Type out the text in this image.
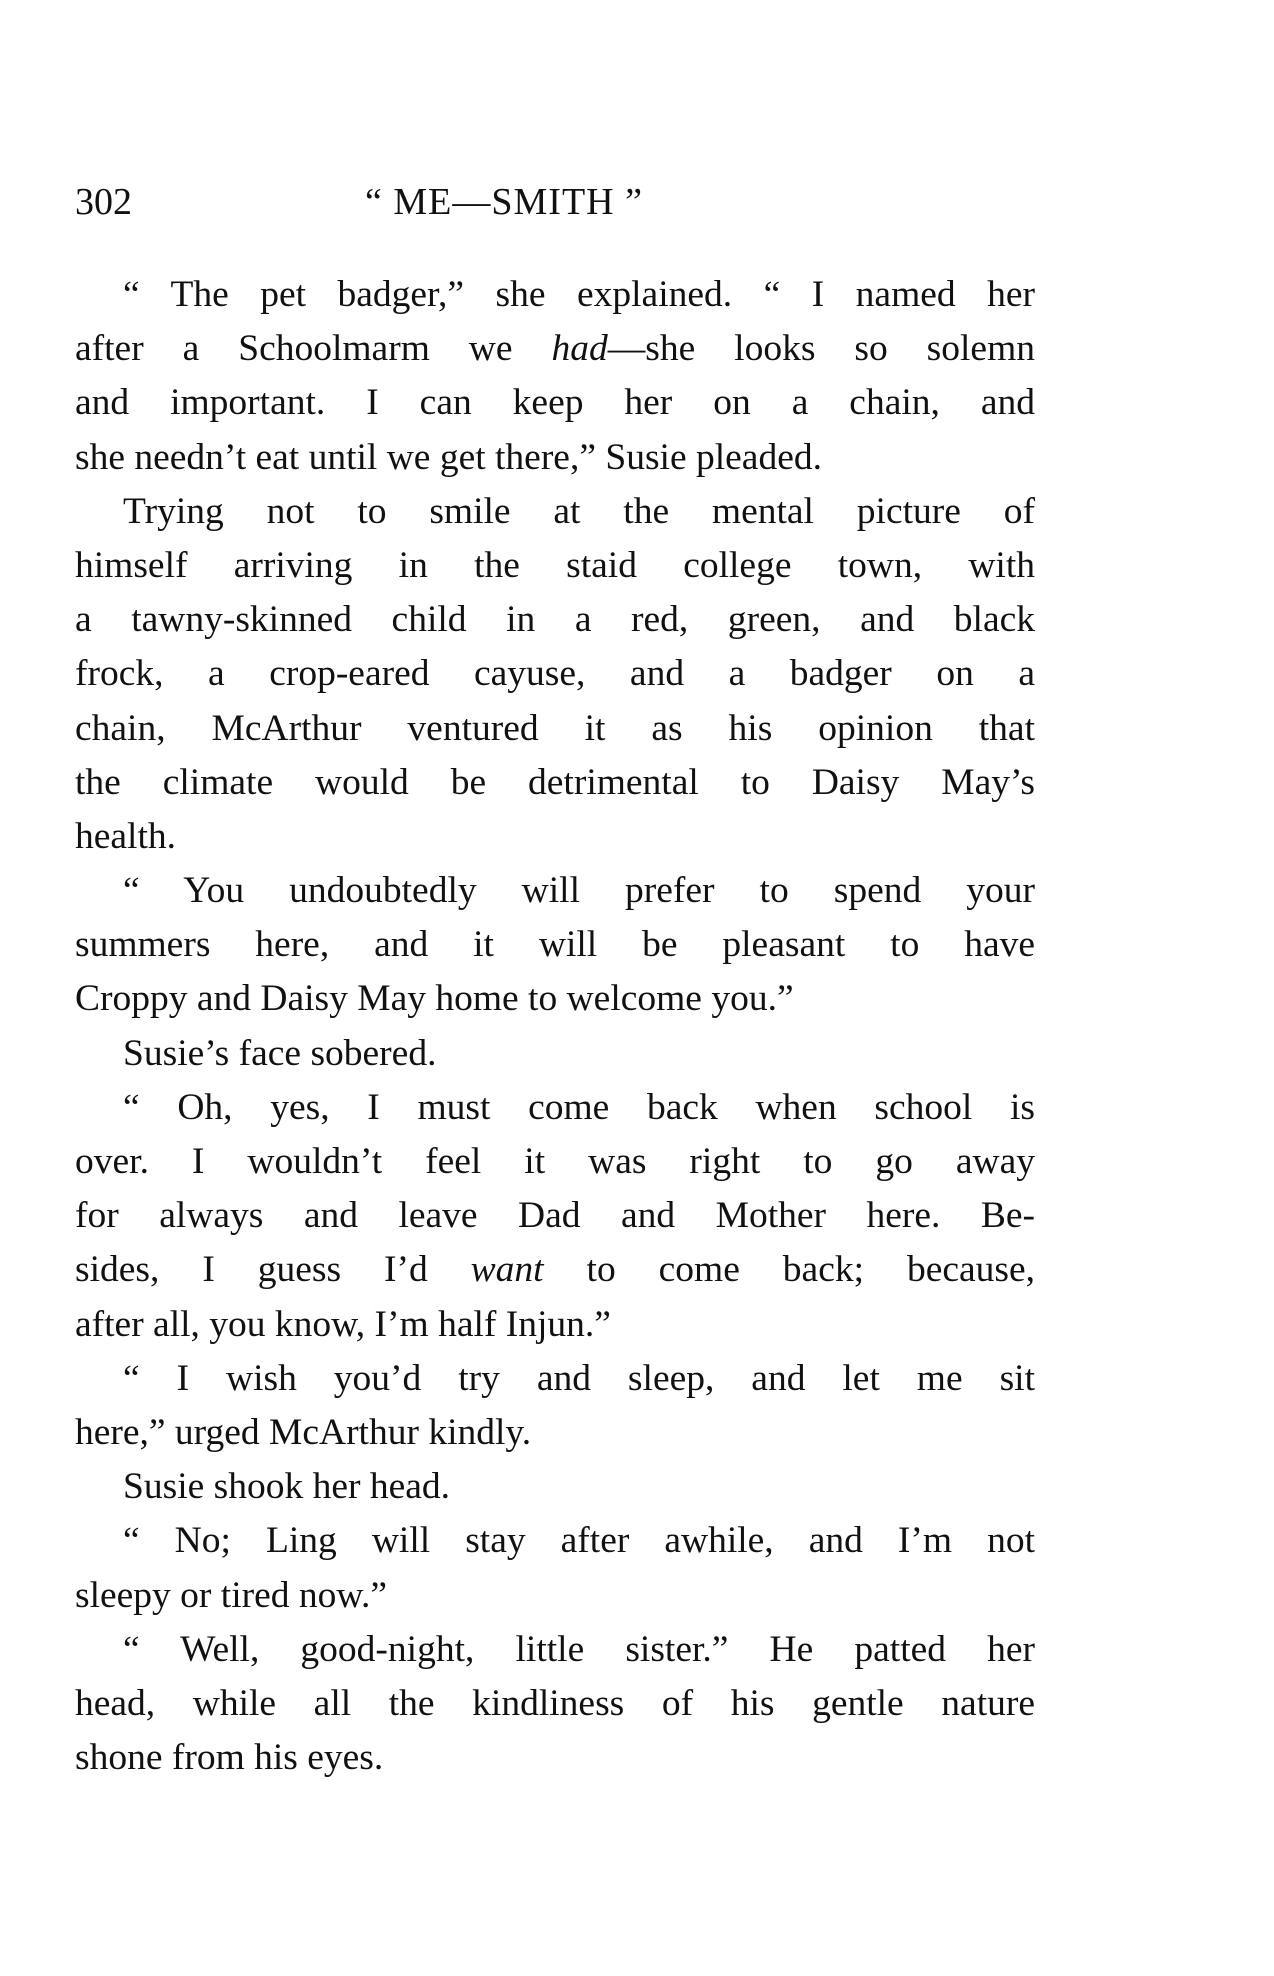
302	“ ME—SMITH ”
“ The pet badger,” she explained. “ I named her
after a Schoolmarm we had—she looks so solemn
and important. I can keep her on a chain, and
she needn’t eat until we get there,” Susie pleaded.
Trying not to smile at the mental picture of
himself arriving in the staid college town, with
a tawny-skinned child in a red, green, and black
frock, a crop-eared cayuse, and a badger on a
chain, McArthur ventured it as his opinion that
the climate would be detrimental to Daisy May’s
health.
“ You undoubtedly will prefer to spend your
summers here, and it will be pleasant to have
Croppy and Daisy May home to welcome you.”
Susie’s face sobered.
“ Oh, yes, I must come back when school is
over. I wouldn’t feel it was right to go away
for always and leave Dad and Mother here. Be-
sides, I guess I’d want to come back; because,
after all, you know, I’m half Injun.”
“ I wish you’d try and sleep, and let me sit
here,” urged McArthur kindly.
Susie shook her head.
“ No; Ling will stay after awhile, and I’m not
sleepy or tired now.”
“ Well, good-night, little sister.” He patted her
head, while all the kindliness of his gentle nature
shone from his eyes.
